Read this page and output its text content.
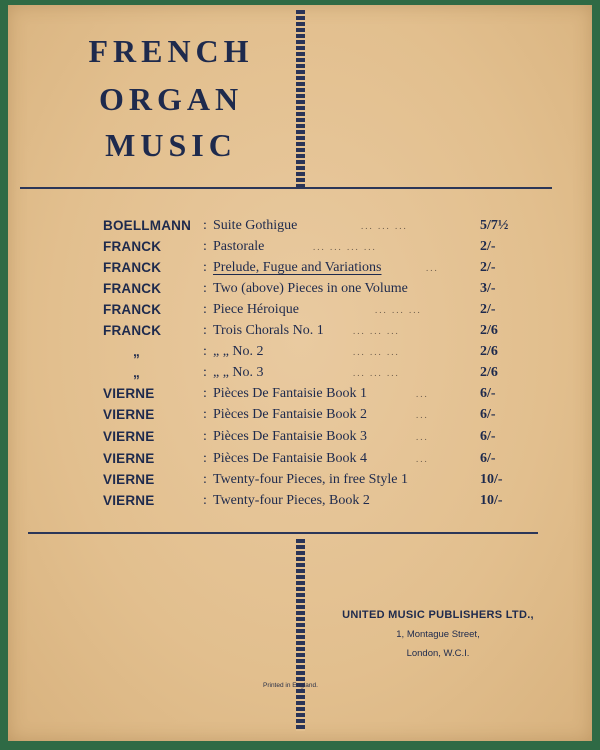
FRENCH
ORGAN
MUSIC
BOELLMANN : Suite Gothigue	... ... ...	5/7½
FRANCK	: Pastorale	... ... ... ...	2/-
FRANCK	: Prelude, Fugue and Variations	...	2/-
FRANCK	: Two (above) Pieces in one Volume	3/-
FRANCK	: Piece Héroique	... ... ...	2/-
FRANCK	: Trois Chorals No. 1	... ... ...	2/6
„	: „ „ No. 2	... ... ...	2/6
„	: „ „ No. 3	... ... ...	2/6
VIERNE	: Pièces De Fantaisie Book 1	...	6/-
VIERNE	: Pièces De Fantaisie Book 2	...	6/-
VIERNE	: Pièces De Fantaisie Book 3	...	6/-
VIERNE	: Pièces De Fantaisie Book 4	...	6/-
VIERNE	: Twenty-four Pieces, in free Style 1	10/-
VIERNE	: Twenty-four Pieces, Book 2	10/-
UNITED MUSIC PUBLISHERS LTD.,
1, Montague Street,
London, W.C.I.
Printed in England.
